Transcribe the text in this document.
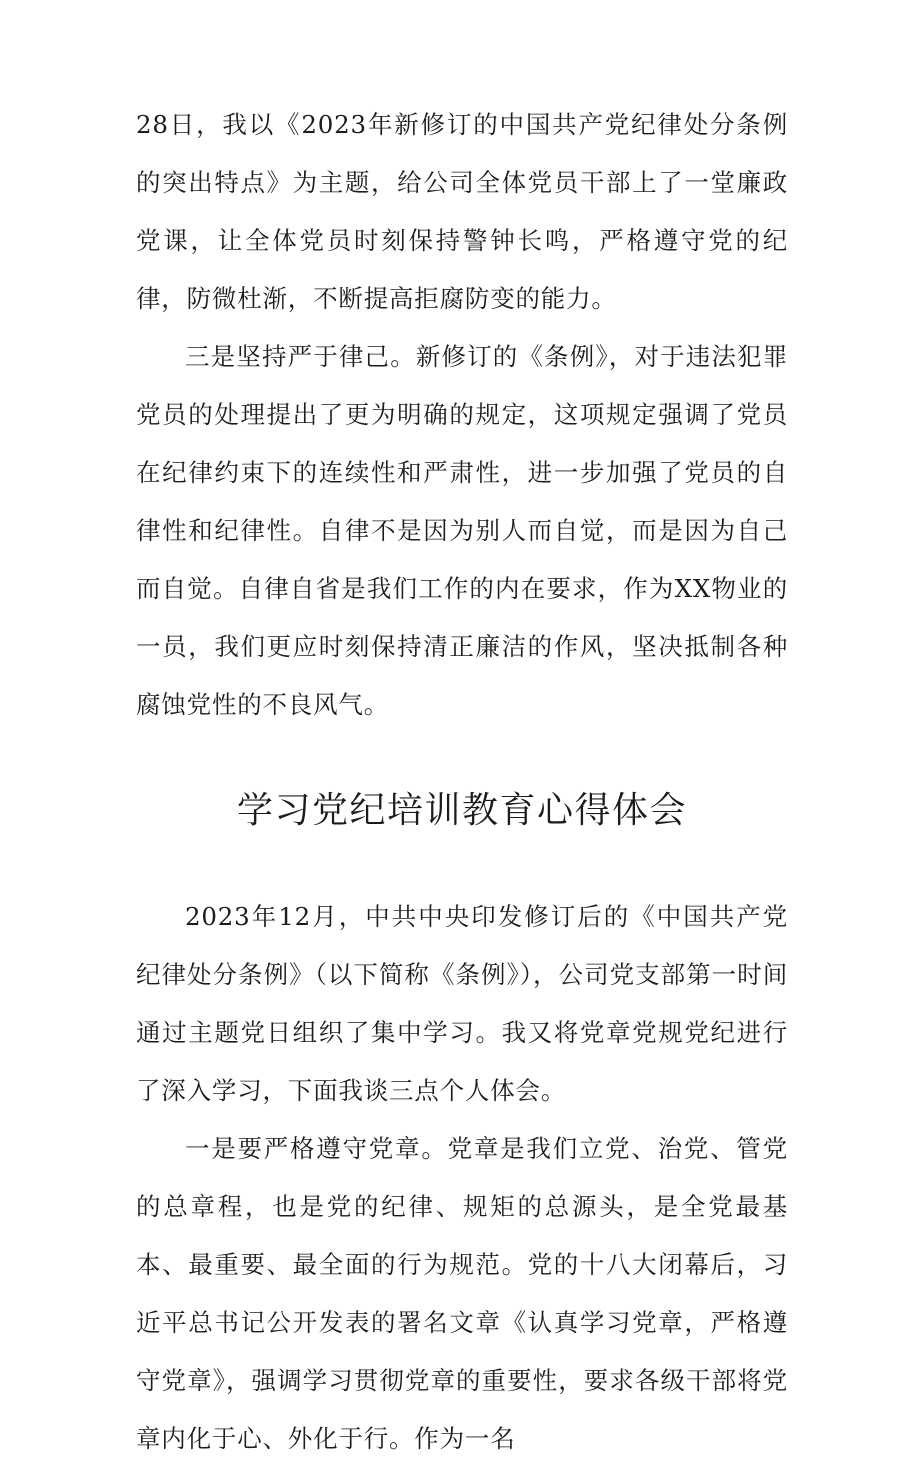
28日，我以《2023年新修订的中国共产党纪律处分条例的突出特点》为主题，给公司全体党员干部上了一堂廉政党课，让全体党员时刻保持警钟长鸣，严格遵守党的纪律，防微杜渐，不断提高拒腐防变的能力。

三是坚持严于律己。新修订的《条例》，对于违法犯罪党员的处理提出了更为明确的规定，这项规定强调了党员在纪律约束下的连续性和严肃性，进一步加强了党员的自律性和纪律性。自律不是因为别人而自觉，而是因为自己而自觉。自律自省是我们工作的内在要求，作为XX物业的一员，我们更应时刻保持清正廉洁的作风，坚决抵制各种腐蚀党性的不良风气。

学习党纪培训教育心得体会

2023年12月，中共中央印发修订后的《中国共产党纪律处分条例》（以下简称《条例》），公司党支部第一时间通过主题党日组织了集中学习。我又将党章党规党纪进行了深入学习，下面我谈三点个人体会。

一是要严格遵守党章。党章是我们立党、治党、管党的总章程，也是党的纪律、规矩的总源头，是全党最基本、最重要、最全面的行为规范。党的十八大闭幕后，习近平总书记公开发表的署名文章《认真学习党章，严格遵守党章》，强调学习贯彻党章的重要性，要求各级干部将党章内化于心、外化于行。作为一名
